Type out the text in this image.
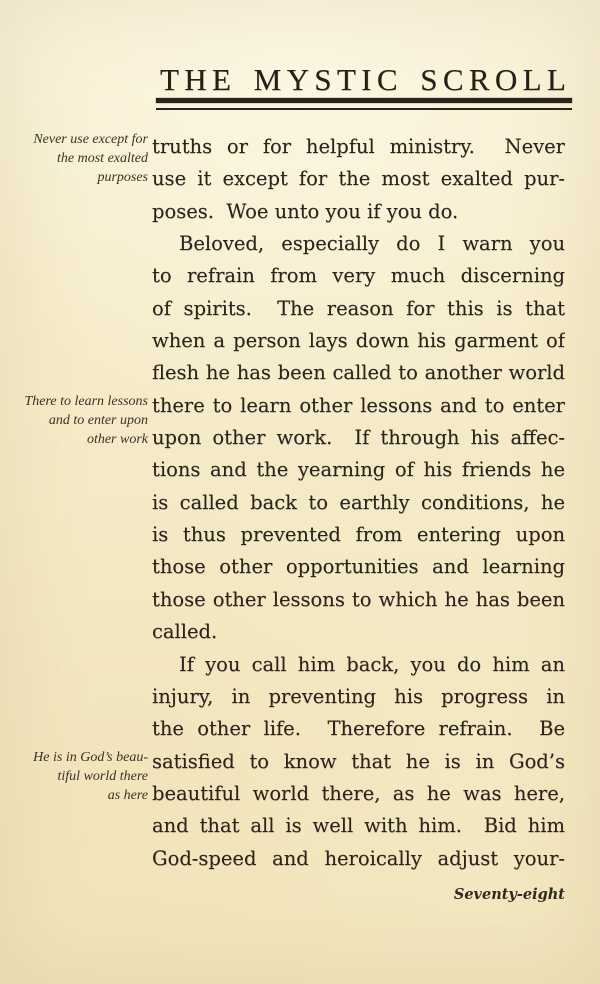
T H E M Y S T I C S C R O L L
Never use except for
the most exalted
purposes
There to learn lessons
and to enter upon
other work
He is in God’s beau-
tiful world there
as here
truths or for helpful ministry.  Never
use it except for the most exalted pur-
poses.  Woe unto you if you do.
Beloved, especially do I warn you
to refrain from very much discerning
of spirits.  The reason for this is that
when a person lays down his garment of
flesh he has been called to another world
there to learn other lessons and to enter
upon other work.  If through his affec-
tions and the yearning of his friends he
is called back to earthly conditions, he
is thus prevented from entering upon
those other opportunities and learning
those other lessons to which he has been
called.
If you call him back, you do him an
injury, in preventing his progress in
the other life.  Therefore refrain.  Be
satisfied to know that he is in God’s
beautiful world there, as he was here,
and that all is well with him.  Bid him
God-speed and heroically adjust your-
Seventy-eight
